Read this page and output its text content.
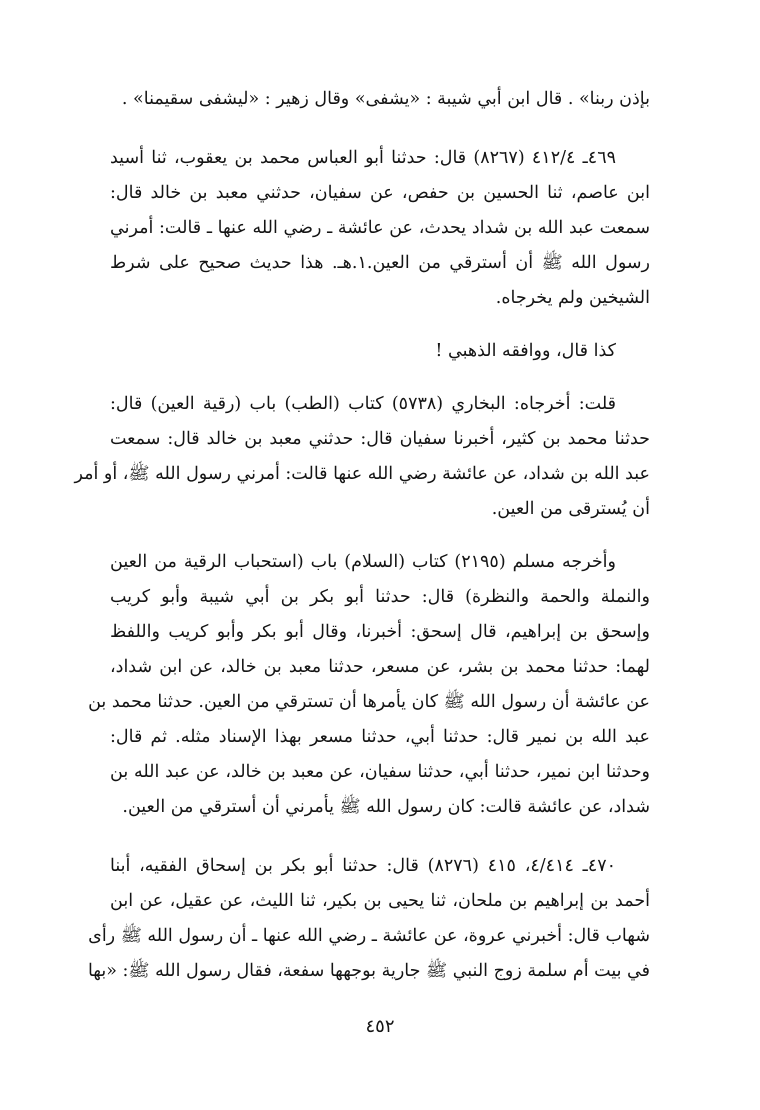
بإذن ربنا» . قال ابن أبي شيبة : «يشفى» وقال زهير : «ليشفى سقيمنا» .
٤٦٩ـ ٤١٢/٤ (٨٢٦٧) قال: حدثنا أبو العباس محمد بن يعقوب، ثنا أسيد
ابن عاصم، ثنا الحسين بن حفص، عن سفيان، حدثني معبد بن خالد قال:
سمعت عبد الله بن شداد يحدث، عن عائشة ـ رضي الله عنها ـ قالت: أمرني
رسول الله ﷺ أن أسترقي من العين.١.هـ. هذا حديث صحيح على شرط
الشيخين ولم يخرجاه.
كذا قال، ووافقه الذهبي !
قلت: أخرجاه: البخاري (٥٧٣٨) كتاب (الطب) باب (رقية العين) قال:
حدثنا محمد بن كثير، أخبرنا سفيان قال: حدثني معبد بن خالد قال: سمعت
عبد الله بن شداد، عن عائشة رضي الله عنها قالت: أمرني رسول الله ﷺ، أو أمر
أن يُسترقى من العين.
وأخرجه مسلم (٢١٩٥) كتاب (السلام) باب (استحباب الرقية من العين
والنملة والحمة والنظرة) قال: حدثنا أبو بكر بن أبي شيبة وأبو كريب
وإسحق بن إبراهيم، قال إسحق: أخبرنا، وقال أبو بكر وأبو كريب واللفظ
لهما: حدثنا محمد بن بشر، عن مسعر، حدثنا معبد بن خالد، عن ابن شداد،
عن عائشة أن رسول الله ﷺ كان يأمرها أن تسترقي من العين. حدثنا محمد بن
عبد الله بن نمير قال: حدثنا أبي، حدثنا مسعر بهذا الإسناد مثله. ثم قال:
وحدثنا ابن نمير، حدثنا أبي، حدثنا سفيان، عن معبد بن خالد، عن عبد الله بن
شداد، عن عائشة قالت: كان رسول الله ﷺ يأمرني أن أسترقي من العين.
٤٧٠ـ ٤/٤١٤، ٤١٥ (٨٢٧٦) قال: حدثنا أبو بكر بن إسحاق الفقيه، أبنا
أحمد بن إبراهيم بن ملحان، ثنا يحيى بن بكير، ثنا الليث، عن عقيل، عن ابن
شهاب قال: أخبرني عروة، عن عائشة ـ رضي الله عنها ـ أن رسول الله ﷺ رأى
في بيت أم سلمة زوج النبي ﷺ جارية بوجهها سفعة، فقال رسول الله ﷺ: «بها
٤٥٢
